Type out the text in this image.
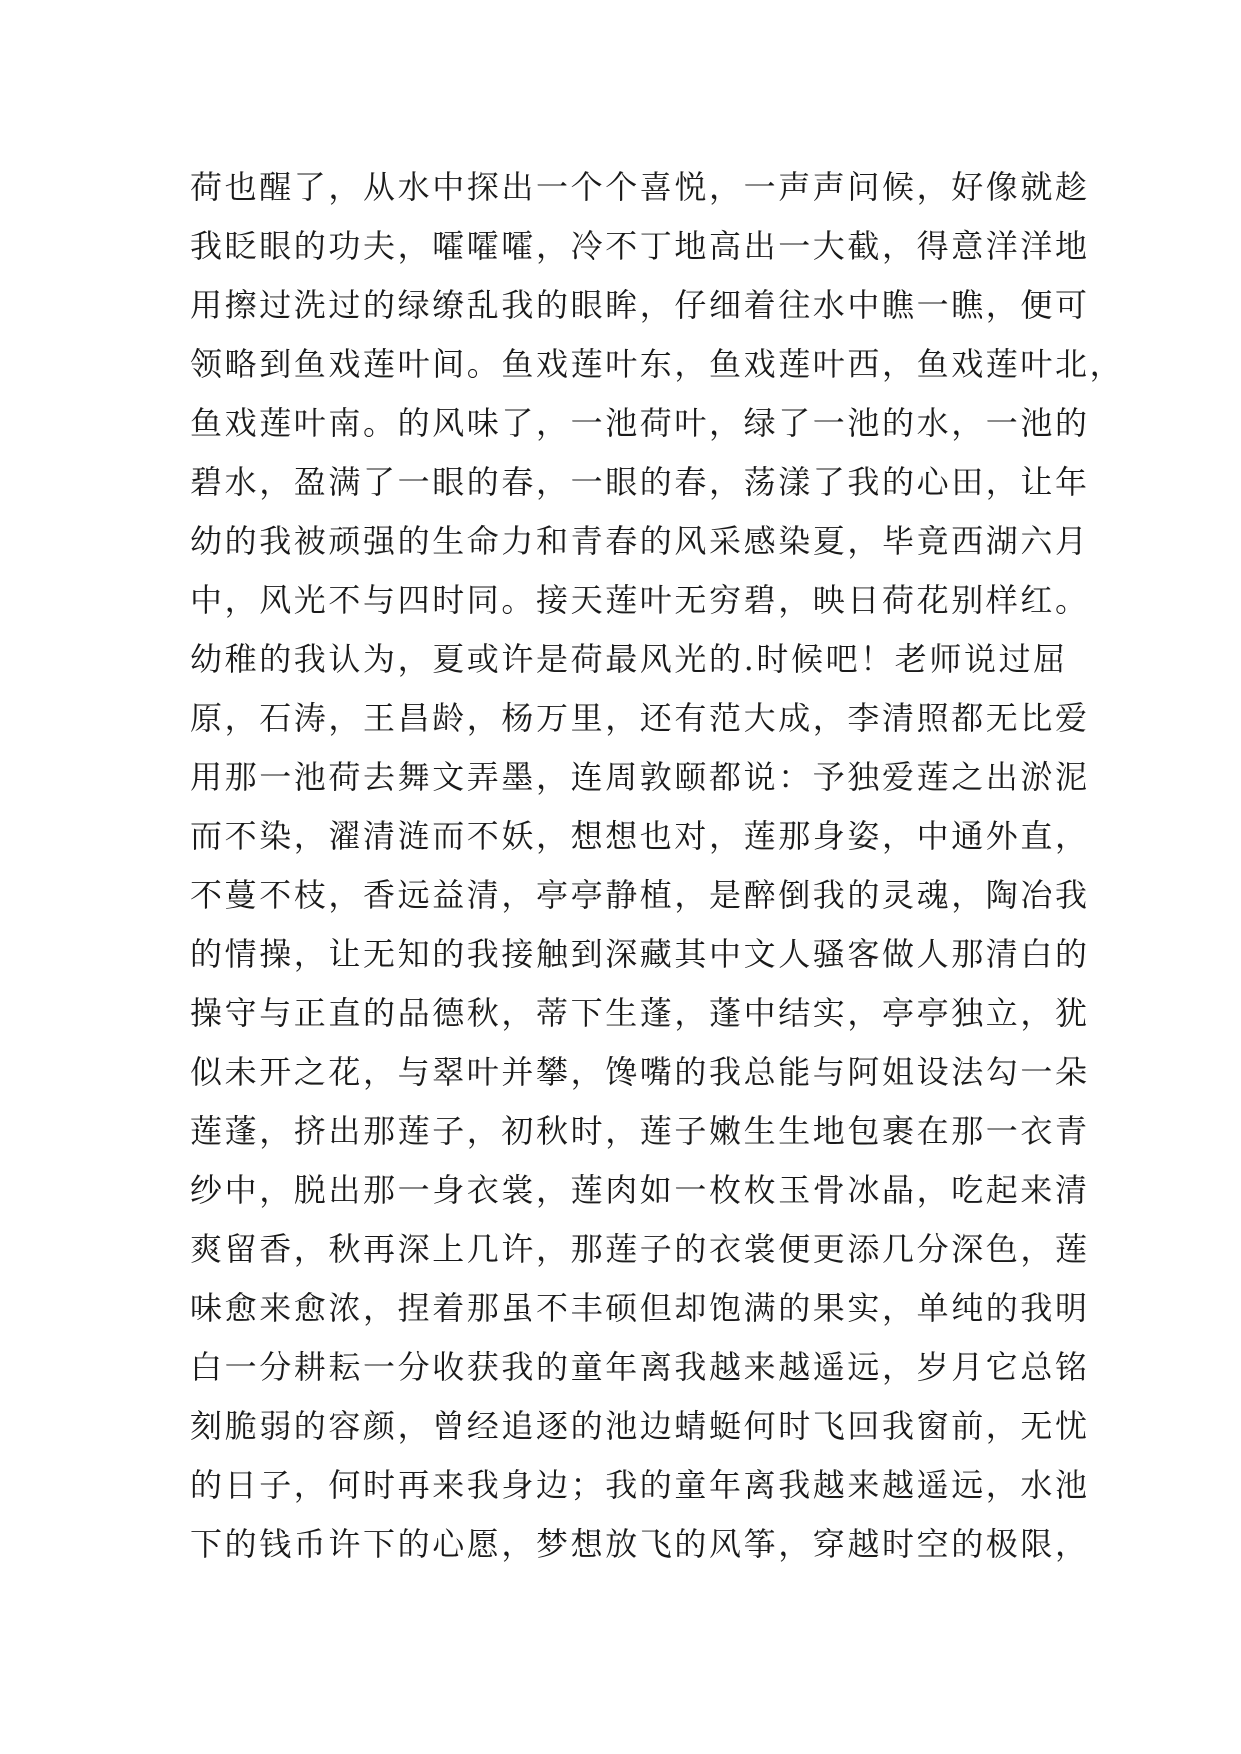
荷也醒了，从水中探出一个个喜悦，一声声问候，好像就趁
我眨眼的功夫，嚯嚯嚯，冷不丁地高出一大截，得意洋洋地
用擦过洗过的绿缭乱我的眼眸，仔细着往水中瞧一瞧，便可
领略到鱼戏莲叶间。鱼戏莲叶东，鱼戏莲叶西，鱼戏莲叶北，
鱼戏莲叶南。的风味了，一池荷叶，绿了一池的水，一池的
碧水，盈满了一眼的春，一眼的春，荡漾了我的心田，让年
幼的我被顽强的生命力和青春的风采感染夏，毕竟西湖六月
中，风光不与四时同。接天莲叶无穷碧，映日荷花别样红。
幼稚的我认为，夏或许是荷最风光的.时候吧！老师说过屈
原，石涛，王昌龄，杨万里，还有范大成，李清照都无比爱
用那一池荷去舞文弄墨，连周敦颐都说：予独爱莲之出淤泥
而不染，濯清涟而不妖，想想也对，莲那身姿，中通外直，
不蔓不枝，香远益清，亭亭静植，是醉倒我的灵魂，陶冶我
的情操，让无知的我接触到深藏其中文人骚客做人那清白的
操守与正直的品德秋，蒂下生蓬，蓬中结实，亭亭独立，犹
似未开之花，与翠叶并攀，馋嘴的我总能与阿姐设法勾一朵
莲蓬，挤出那莲子，初秋时，莲子嫩生生地包裹在那一衣青
纱中，脱出那一身衣裳，莲肉如一枚枚玉骨冰晶，吃起来清
爽留香，秋再深上几许，那莲子的衣裳便更添几分深色，莲
味愈来愈浓，捏着那虽不丰硕但却饱满的果实，单纯的我明
白一分耕耘一分收获我的童年离我越来越遥远，岁月它总铭
刻脆弱的容颜，曾经追逐的池边蜻蜓何时飞回我窗前，无忧
的日子，何时再来我身边；我的童年离我越来越遥远，水池
下的钱币许下的心愿，梦想放飞的风筝，穿越时空的极限，
